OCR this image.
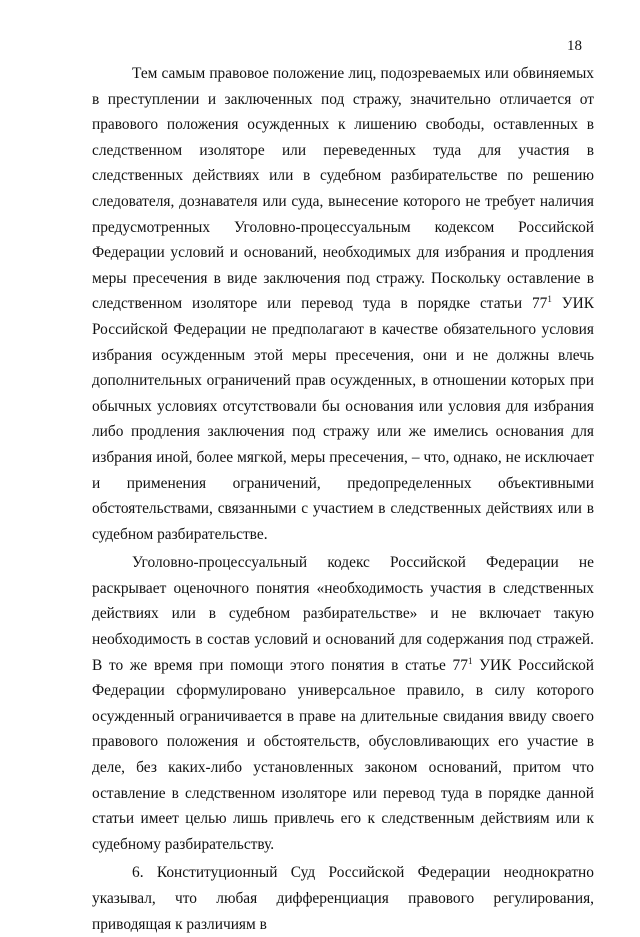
18

Тем самым правовое положение лиц, подозреваемых или обвиняемых в преступлении и заключенных под стражу, значительно отличается от правового положения осужденных к лишению свободы, оставленных в следственном изоляторе или переведенных туда для участия в следственных действиях или в судебном разбирательстве по решению следователя, дознавателя или суда, вынесение которого не требует наличия предусмотренных Уголовно-процессуальным кодексом Российской Федерации условий и оснований, необходимых для избрания и продления меры пресечения в виде заключения под стражу. Поскольку оставление в следственном изоляторе или перевод туда в порядке статьи $77^1$ УИК Российской Федерации не предполагают в качестве обязательного условия избрания осужденным этой меры пресечения, они и не должны влечь дополнительных ограничений прав осужденных, в отношении которых при обычных условиях отсутствовали бы основания или условия для избрания либо продления заключения под стражу или же имелись основания для избрания иной, более мягкой, меры пресечения, – что, однако, не исключает и применения ограничений, предопределенных объективными обстоятельствами, связанными с участием в следственных действиях или в судебном разбирательстве.

Уголовно-процессуальный кодекс Российской Федерации не раскрывает оценочного понятия «необходимость участия в следственных действиях или в судебном разбирательстве» и не включает такую необходимость в состав условий и оснований для содержания под стражей. В то же время при помощи этого понятия в статье $77^1$ УИК Российской Федерации сформулировано универсальное правило, в силу которого осужденный ограничивается в праве на длительные свидания ввиду своего правового положения и обстоятельств, обусловливающих его участие в деле, без каких-либо установленных законом оснований, притом что оставление в следственном изоляторе или перевод туда в порядке данной статьи имеет целью лишь привлечь его к следственным действиям или к судебному разбирательству.

6. Конституционный Суд Российской Федерации неоднократно указывал, что любая дифференциация правового регулирования, приводящая к различиям в
